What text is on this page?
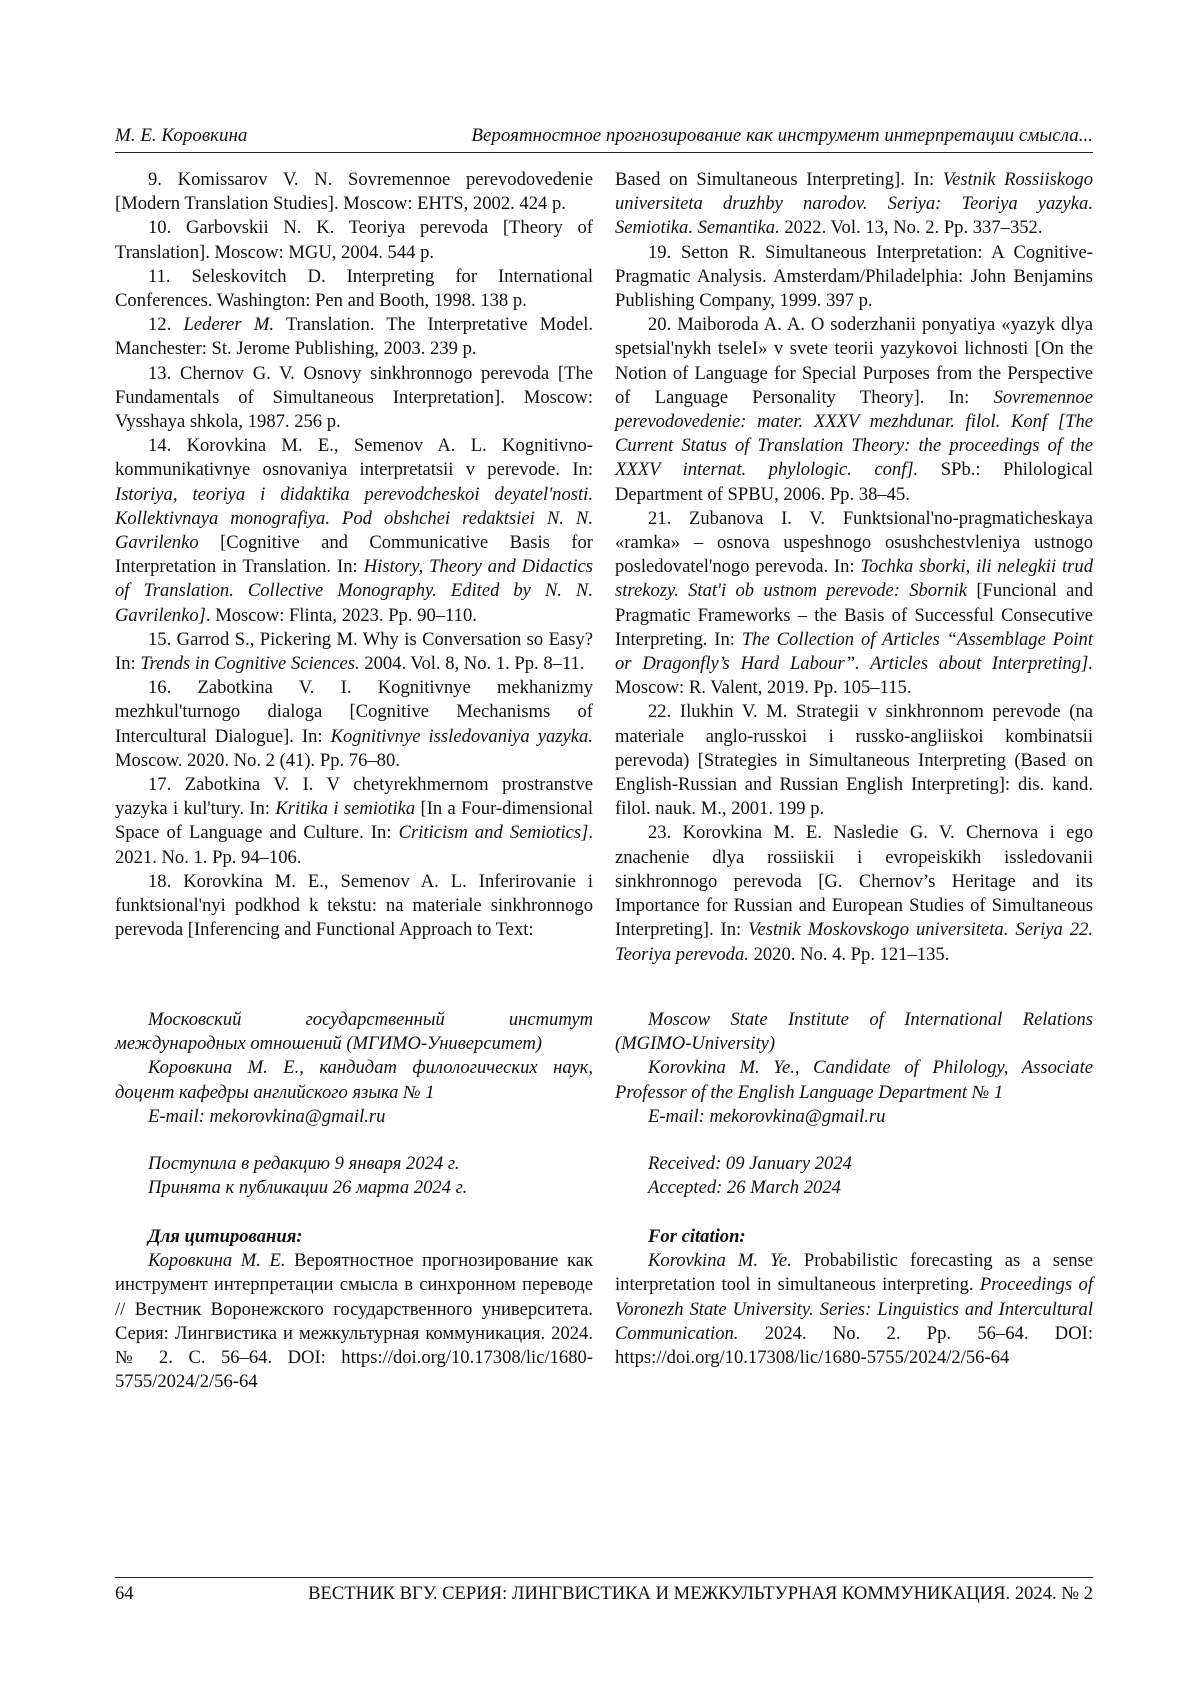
М. Е. Коровкина	Вероятностное прогнозирование как инструмент интерпретации смысла...

9. Komissarov V. N. Sovremennoe perevodovedenie [Modern Translation Studies]. Moscow: EHTS, 2002. 424 p.

10. Garbovskii N. K. Teoriya perevoda [Theory of Translation]. Moscow: MGU, 2004. 544 p.

11. Seleskovitch D. Interpreting for International Conferences. Washington: Pen and Booth, 1998. 138 p.

12. Lederer M. Translation. The Interpretative Model. Manchester: St. Jerome Publishing, 2003. 239 p.

13. Chernov G. V. Osnovy sinkhronnogo perevoda [The Fundamentals of Simultaneous Interpretation]. Moscow: Vysshaya shkola, 1987. 256 p.

14. Korovkina M. E., Semenov A. L. Kognitivno-kommunikativnye osnovaniya interpretatsii v perevode. In: Istoriya, teoriya i didaktika perevodcheskoi deyatel'nosti. Kollektivnaya monografiya. Pod obshchei redaktsiei N. N. Gavrilenko [Cognitive and Communicative Basis for Interpretation in Translation. In: History, Theory and Didactics of Translation. Collective Monography. Edited by N. N. Gavrilenko]. Moscow: Flinta, 2023. Pp. 90–110.

15. Garrod S., Pickering M. Why is Conversation so Easy? In: Trends in Cognitive Sciences. 2004. Vol. 8, No. 1. Pp. 8–11.

16. Zabotkina V. I. Kognitivnye mekhanizmy mezhkul'turnogo dialoga [Cognitive Mechanisms of Intercultural Dialogue]. In: Kognitivnye issledovaniya yazyka. Moscow. 2020. No. 2 (41). Pp. 76–80.

17. Zabotkina V. I. V chetyrekhmernom prostranstve yazyka i kul'tury. In: Kritika i semiotika [In a Four-dimensional Space of Language and Culture. In: Criticism and Semiotics]. 2021. No. 1. Pp. 94–106.

18. Korovkina M. E., Semenov A. L. Inferirovanie i funktsional'nyi podkhod k tekstu: na materiale sinkhronnogo perevoda [Inferencing and Functional Approach to Text:

Based on Simultaneous Interpreting]. In: Vestnik Rossiiskogo universiteta druzhby narodov. Seriya: Teoriya yazyka. Semiotika. Semantika. 2022. Vol. 13, No. 2. Pp. 337–352.

19. Setton R. Simultaneous Interpretation: A Cognitive-Pragmatic Analysis. Amsterdam/Philadelphia: John Benjamins Publishing Company, 1999. 397 p.

20. Maiboroda A. A. O soderzhanii ponyatiya «yazyk dlya spetsial'nykh tseleI» v svete teorii yazykovoi lichnosti [On the Notion of Language for Special Purposes from the Perspective of Language Personality Theory]. In: Sovremennoe perevodovedenie: mater. XXXV mezhdunar. filol. Konf [The Current Status of Translation Theory: the proceedings of the XXXV internat. phylologic. conf]. SPb.: Philological Department of SPBU, 2006. Pp. 38–45.

21. Zubanova I. V. Funktsional'no-pragmaticheskaya «ramka» – osnova uspeshnogo osushchestvleniya ustnogo posledovatel'nogo perevoda. In: Tochka sborki, ili nelegkii trud strekozy. Stat'i ob ustnom perevode: Sbornik [Funcional and Pragmatic Frameworks – the Basis of Successful Consecutive Interpreting. In: The Collection of Articles “Assemblage Point or Dragonfly’s Hard Labour”. Articles about Interpreting]. Moscow: R. Valent, 2019. Pp. 105–115.

22. Ilukhin V. M. Strategii v sinkhronnom perevode (na materiale anglo-russkoi i russko-angliiskoi kombinatsii perevoda) [Strategies in Simultaneous Interpreting (Based on English-Russian and Russian English Interpreting]: dis. kand. filol. nauk. M., 2001. 199 p.

23. Korovkina M. E. Nasledie G. V. Chernova i ego znachenie dlya rossiiskii i evropeiskikh issledovanii sinkhronnogo perevoda [G. Chernov’s Heritage and its Importance for Russian and European Studies of Simultaneous Interpreting]. In: Vestnik Moskovskogo universiteta. Seriya 22. Teoriya perevoda. 2020. No. 4. Pp. 121–135.

Московский государственный институт международных отношений (МГИМО-Университет)

Коровкина М. Е., кандидат филологических наук, доцент кафедры английского языка № 1

E-mail: mekorovkina@gmail.ru

Moscow State Institute of International Relations (MGIMO-University)

Korovkina M. Ye., Candidate of Philology, Associate Professor of the English Language Department № 1

E-mail: mekorovkina@gmail.ru

Поступила в редакцию 9 января 2024 г.

Принята к публикации 26 марта 2024 г.

Received: 09 January 2024

Accepted: 26 March 2024

Для цитирования:

Коровкина М. Е. Вероятностное прогнозирование как инструмент интерпретации смысла в синхронном переводе // Вестник Воронежского государственного университета. Серия: Лингвистика и межкультурная коммуникация. 2024. № 2. С. 56–64. DOI: https://doi.org/10.17308/lic/1680-5755/2024/2/56-64

For citation:

Korovkina M. Ye. Probabilistic forecasting as a sense interpretation tool in simultaneous interpreting. Proceedings of Voronezh State University. Series: Linguistics and Intercultural Communication. 2024. No. 2. Pp. 56–64. DOI: https://doi.org/10.17308/lic/1680-5755/2024/2/56-64

64	ВЕСТНИК ВГУ. СЕРИЯ: ЛИНГВИСТИКА И МЕЖКУЛЬТУРНАЯ КОММУНИКАЦИЯ. 2024. № 2
